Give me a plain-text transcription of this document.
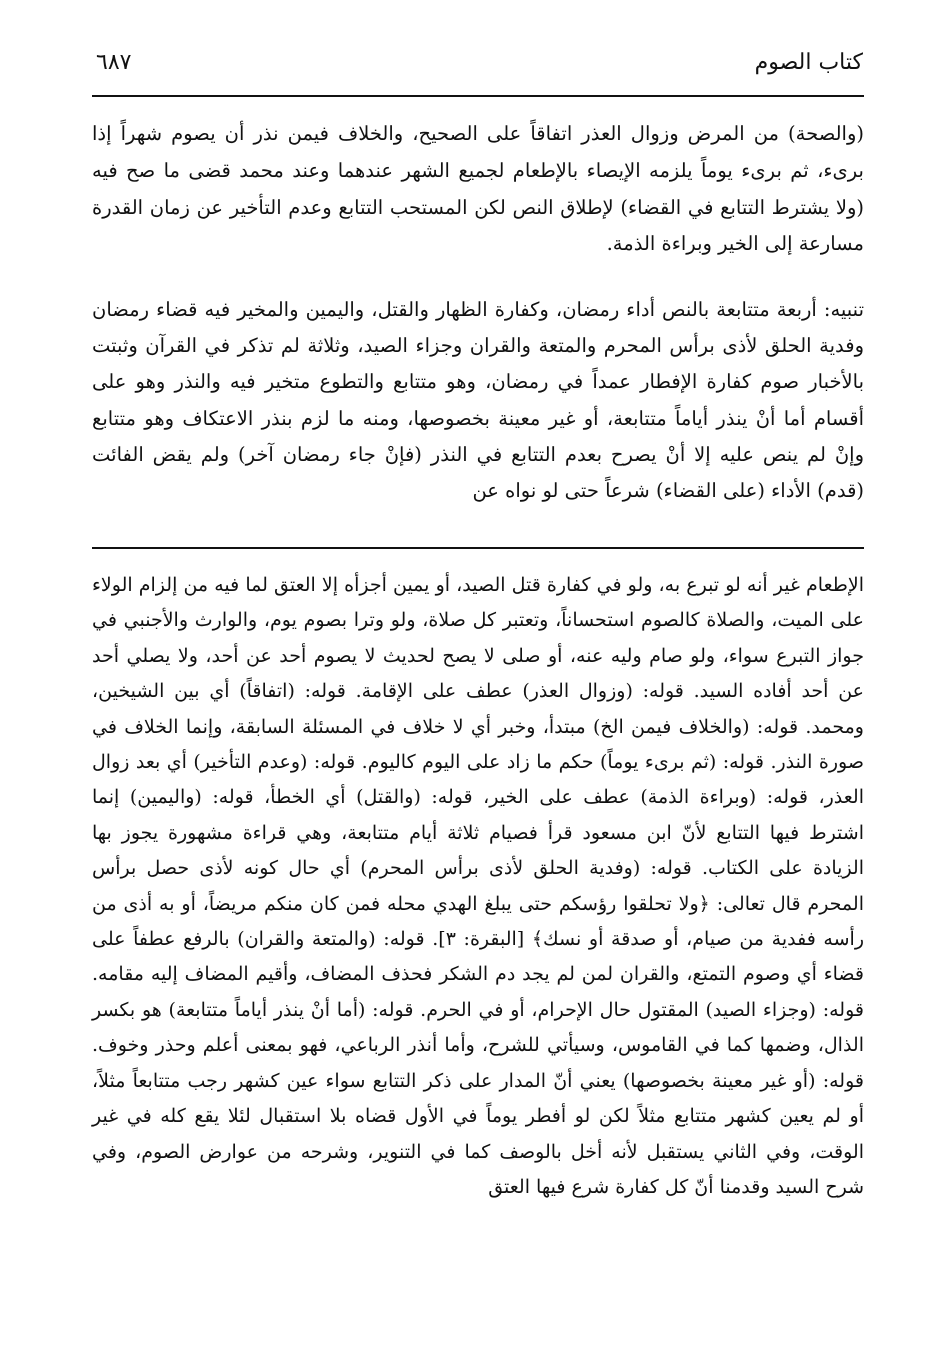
كتاب الصوم
٦٨٧

(والصحة) من المرض وزوال العذر اتفاقاً على الصحيح، والخلاف فيمن نذر أن يصوم شهراً إذا برىء، ثم برىء يوماً يلزمه الإيصاء بالإطعام لجميع الشهر عندهما وعند محمد قضى ما صح فيه (ولا يشترط التتابع في القضاء) لإطلاق النص لكن المستحب التتابع وعدم التأخير عن زمان القدرة مسارعة إلى الخير وبراءة الذمة.

تنبيه: أربعة متتابعة بالنص أداء رمضان، وكفارة الظهار والقتل، واليمين والمخير فيه قضاء رمضان وفدية الحلق لأذى برأس المحرم والمتعة والقران وجزاء الصيد، وثلاثة لم تذكر في القرآن وثبتت بالأخبار صوم كفارة الإفطار عمداً في رمضان، وهو متتابع والتطوع متخير فيه والنذر وهو على أقسام أما أنْ ينذر أياماً متتابعة، أو غير معينة بخصوصها، ومنه ما لزم بنذر الاعتكاف وهو متتابع وإنْ لم ينص عليه إلا أنْ يصرح بعدم التتابع في النذر (فإنْ جاء رمضان آخر) ولم يقض الفائت (قدم) الأداء (على القضاء) شرعاً حتى لو نواه عن

الإطعام غير أنه لو تبرع به، ولو في كفارة قتل الصيد، أو يمين أجزأه إلا العتق لما فيه من إلزام الولاء على الميت، والصلاة كالصوم استحساناً، وتعتبر كل صلاة، ولو وترا بصوم يوم، والوارث والأجنبي في جواز التبرع سواء، ولو صام وليه عنه، أو صلى لا يصح لحديث لا يصوم أحد عن أحد، ولا يصلي أحد عن أحد أفاده السيد. قوله: (وزوال العذر) عطف على الإقامة. قوله: (اتفاقاً) أي بين الشيخين، ومحمد. قوله: (والخلاف فيمن الخ) مبتدأ، وخبر أي لا خلاف في المسئلة السابقة، وإنما الخلاف في صورة النذر. قوله: (ثم برىء يوماً) حكم ما زاد على اليوم كاليوم. قوله: (وعدم التأخير) أي بعد زوال العذر، قوله: (وبراءة الذمة) عطف على الخير، قوله: (والقتل) أي الخطأ، قوله: (واليمين) إنما اشترط فيها التتابع لأنّ ابن مسعود قرأ فصيام ثلاثة أيام متتابعة، وهي قراءة مشهورة يجوز بها الزيادة على الكتاب. قوله: (وفدية الحلق لأذى برأس المحرم) أي حال كونه لأذى حصل برأس المحرم قال تعالى: ﴿ولا تحلقوا رؤسكم حتى يبلغ الهدي محله فمن كان منكم مريضاً، أو به أذى من رأسه ففدية من صيام، أو صدقة أو نسك﴾ [البقرة: ٣]. قوله: (والمتعة والقران) بالرفع عطفاً على قضاء أي وصوم التمتع، والقران لمن لم يجد دم الشكر فحذف المضاف، وأقيم المضاف إليه مقامه. قوله: (وجزاء الصيد) المقتول حال الإحرام، أو في الحرم. قوله: (أما أنْ ينذر أياماً متتابعة) هو بكسر الذال، وضمها كما في القاموس، وسيأتي للشرح، وأما أنذر الرباعي، فهو بمعنى أعلم وحذر وخوف. قوله: (أو غير معينة بخصوصها) يعني أنّ المدار على ذكر التتابع سواء عين كشهر رجب متتابعاً مثلاً، أو لم يعين كشهر متتابع مثلاً لكن لو أفطر يوماً في الأول قضاه بلا استقبال لئلا يقع كله في غير الوقت، وفي الثاني يستقبل لأنه أخل بالوصف كما في التنوير، وشرحه من عوارض الصوم، وفي شرح السيد وقدمنا أنّ كل كفارة شرع فيها العتق
